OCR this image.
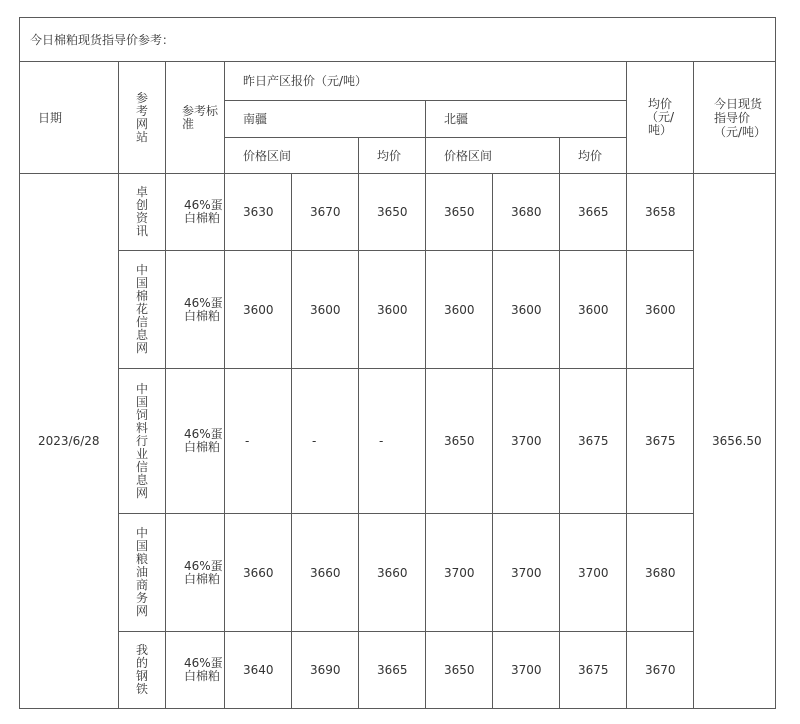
今日棉粕现货指导价参考：										
日期	参考网站	参考标准	昨日产区报价（元/吨）						均价（元/吨）	今日现货指导价（元/吨）
			南疆			北疆				
			价格区间		均价	价格区间		均价		
2023/6/28	卓创资讯	46%蛋白棉粕	3630	3670	3650	3650	3680	3665	3658	3656.50
	中国棉花信息网	46%蛋白棉粕	3600	3600	3600	3600	3600	3600	3600	
	中国饲料行业信息网	46%蛋白棉粕	-	-	-	3650	3700	3675	3675	
	中国粮油商务网	46%蛋白棉粕	3660	3660	3660	3700	3700	3700	3680	
	我的钢铁	46%蛋白棉粕	3640	3690	3665	3650	3700	3675	3670	
